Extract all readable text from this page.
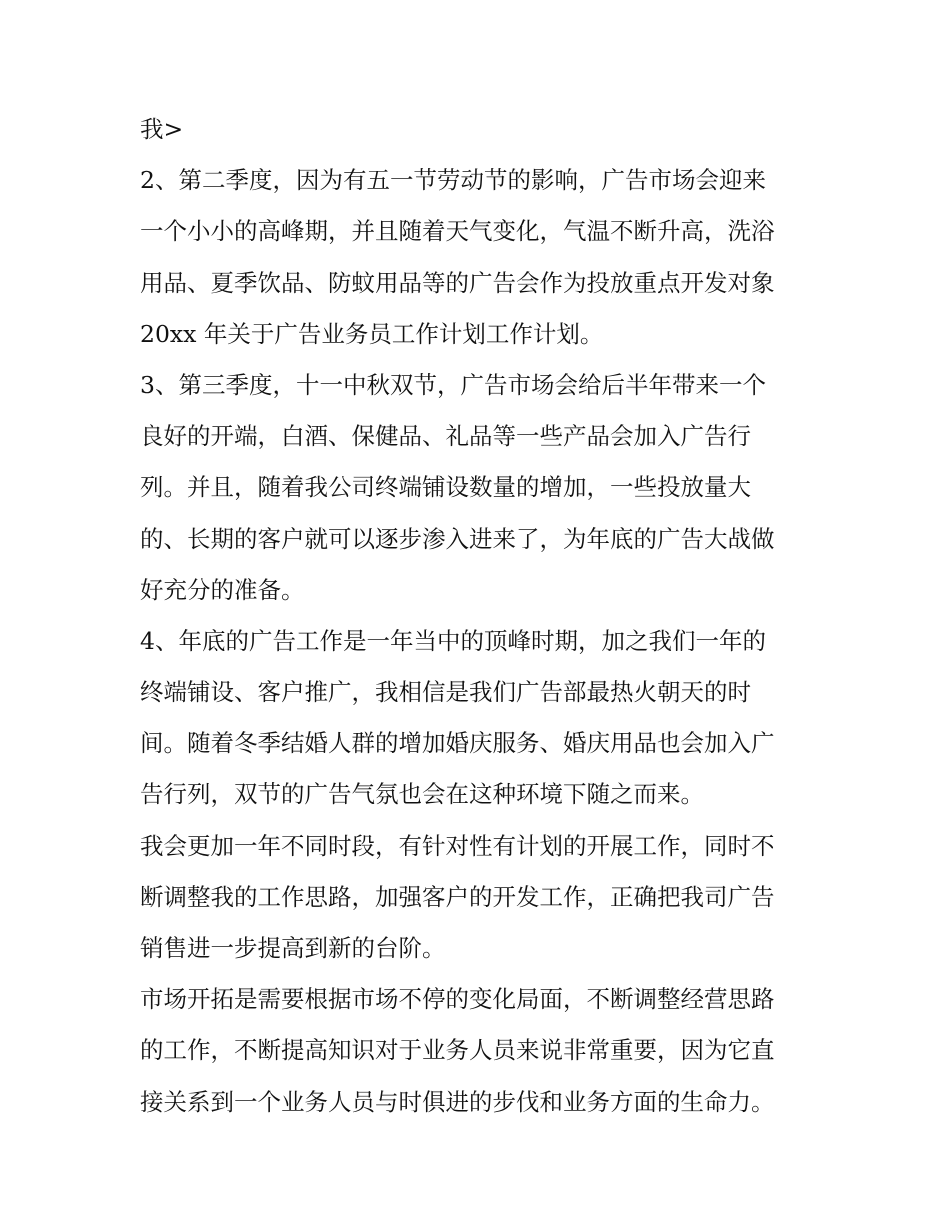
我>
2、第二季度，因为有五一节劳动节的影响，广告市场会迎来
一个小小的高峰期，并且随着天气变化，气温不断升高，洗浴
用品、夏季饮品、防蚊用品等的广告会作为投放重点开发对象
20xx 年关于广告业务员工作计划工作计划。
3、第三季度，十一中秋双节，广告市场会给后半年带来一个
良好的开端，白酒、保健品、礼品等一些产品会加入广告行
列。并且，随着我公司终端铺设数量的增加，一些投放量大
的、长期的客户就可以逐步渗入进来了，为年底的广告大战做
好充分的准备。
4、年底的广告工作是一年当中的顶峰时期，加之我们一年的
终端铺设、客户推广，我相信是我们广告部最热火朝天的时
间。随着冬季结婚人群的增加婚庆服务、婚庆用品也会加入广
告行列，双节的广告气氛也会在这种环境下随之而来。
我会更加一年不同时段，有针对性有计划的开展工作，同时不
断调整我的工作思路，加强客户的开发工作，正确把我司广告
销售进一步提高到新的台阶。
市场开拓是需要根据市场不停的变化局面，不断调整经营思路
的工作，不断提高知识对于业务人员来说非常重要，因为它直
接关系到一个业务人员与时俱进的步伐和业务方面的生命力。
